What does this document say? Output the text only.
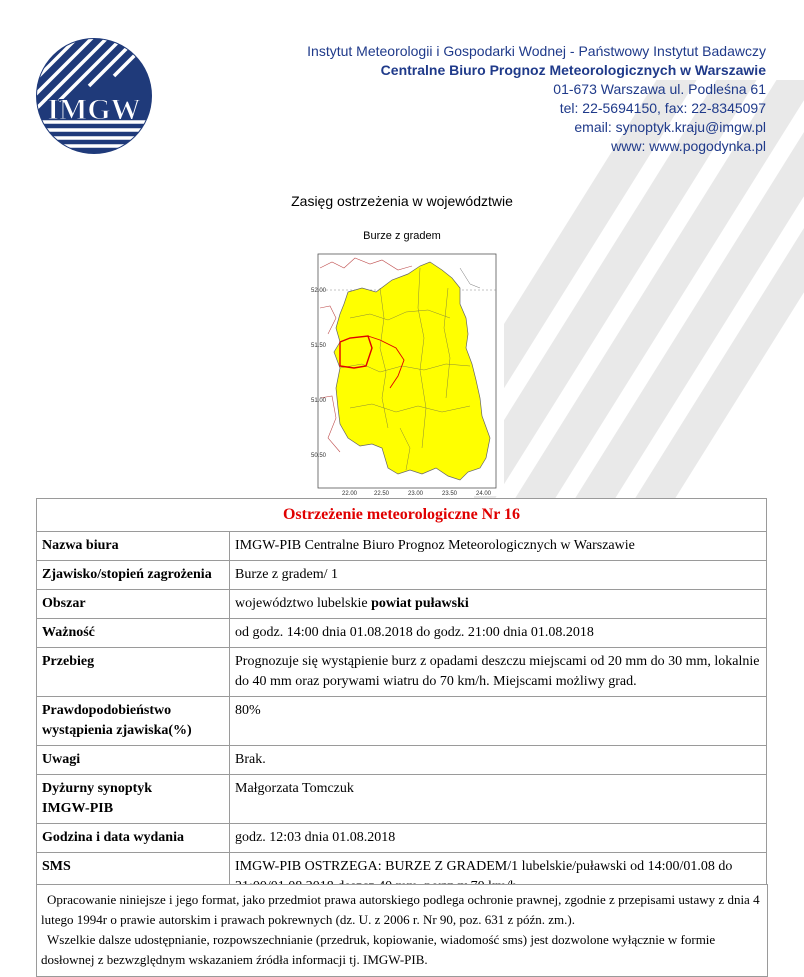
IMGW
Instytut Meteorologii i Gospodarki Wodnej - Państwowy Instytut Badawczy
Centralne Biuro Prognoz Meteorologicznych w Warszawie
01-673 Warszawa ul. Podleśna 61
tel: 22-5694150, fax: 22-8345097
email: synoptyk.kraju@imgw.pl
www: www.pogodynka.pl
Zasięg ostrzeżenia w województwie
Burze z gradem
52.00
51.50
51.00
50.50
22.00	22.50	23.00	23.50	24.00
Ostrzeżenie meteorologiczne Nr 16	
Nazwa biura	IMGW-PIB Centralne Biuro Prognoz Meteorologicznych w Warszawie
Zjawisko/stopień zagrożenia	Burze z gradem/ 1
Obszar	województwo lubelskie powiat puławski
Ważność	od godz. 14:00 dnia 01.08.2018 do godz. 21:00 dnia 01.08.2018
Przebieg	Prognozuje się wystąpienie burz z opadami deszczu miejscami od 20 mm do 30 mm, lokalnie do 40 mm oraz porywami wiatru do 70 km/h. Miejscami możliwy grad.
Prawdopodobieństwo wystąpienia zjawiska(%)	80%
Uwagi	Brak.
Dyżurny synoptyk
IMGW-PIB	Małgorzata Tomczuk
Godzina i data wydania	godz. 12:03 dnia 01.08.2018
SMS	IMGW-PIB OSTRZEGA: BURZE Z GRADEM/1 lubelskie/puławski od 14:00/01.08 do

Opracowanie niniejsze i jego format, jako przedmiot prawa autorskiego podlega ochronie prawnej, zgodnie z przepisami ustawy z dnia 4 lutego 1994r o prawie autorskim i prawach pokrewnych (dz. U. z 2006 r. Nr 90, poz. 631 z późn. zm.).

Wszelkie dalsze udostępnianie, rozpowszechnianie (przedruk, kopiowanie, wiadomość sms) jest dozwolone wyłącznie w formie dosłownej z bezwzględnym wskazaniem źródła informacji tj. IMGW-PIB.
